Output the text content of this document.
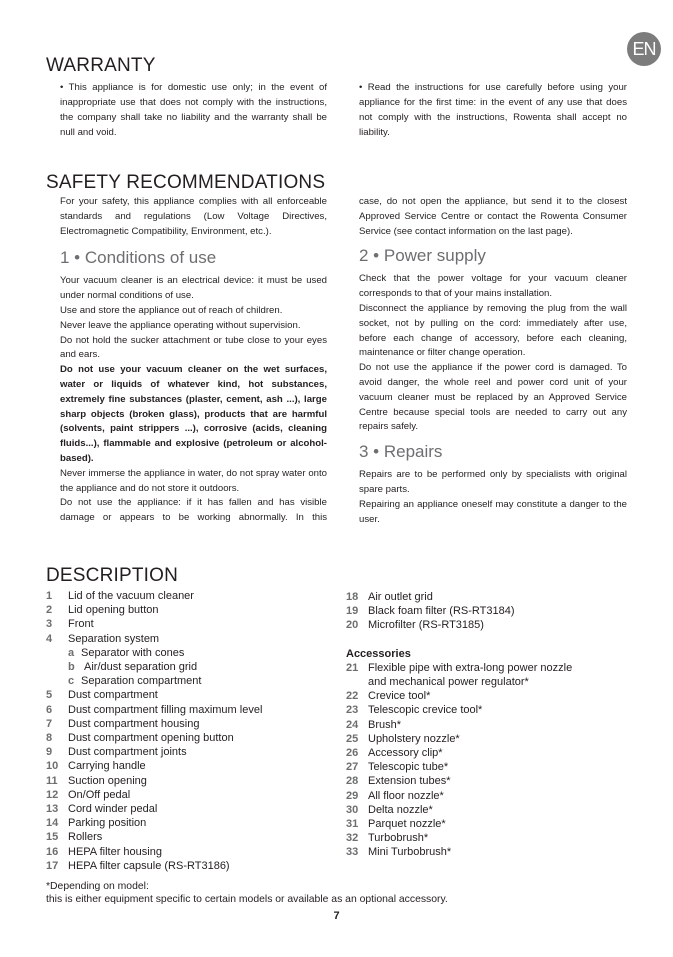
EN
WARRANTY

• This appliance is for domestic use only; in the event of inappropriate use that does not comply with the instructions, the company shall take no liability and the warranty shall be null and void.

• Read the instructions for use carefully before using your appliance for the first time: in the event of any use that does not comply with the instructions, Rowenta shall accept no liability.

SAFETY RECOMMENDATIONS

For your safety, this appliance complies with all enforceable standards and regulations (Low Voltage Directives, Electromagnetic Compatibility, Environment, etc.).

1 • Conditions of use

Your vacuum cleaner is an electrical device: it must be used under normal conditions of use.

Use and store the appliance out of reach of children.

Never leave the appliance operating without supervision.

Do not hold the sucker attachment or tube close to your eyes and ears.

Do not use your vacuum cleaner on the wet surfaces, water or liquids of whatever kind, hot substances, extremely fine substances (plaster, cement, ash ...), large sharp objects (broken glass), products that are harmful (solvents, paint strippers ...), corrosive (acids, cleaning fluids...), flammable and explosive (petroleum or alcohol-based).

Never immerse the appliance in water, do not spray water onto the appliance and do not store it outdoors.

Do not use the appliance: if it has fallen and has visible damage or appears to be working abnormally. In this

case, do not open the appliance, but send it to the closest Approved Service Centre or contact the Rowenta Consumer Service (see contact information on the last page).

2 • Power supply

Check that the power voltage for your vacuum cleaner corresponds to that of your mains installation.

Disconnect the appliance by removing the plug from the wall socket, not by pulling on the cord: immediately after use, before each change of accessory, before each cleaning, maintenance or filter change operation.

Do not use the appliance if the power cord is damaged. To avoid danger, the whole reel and power cord unit of your vacuum cleaner must be replaced by an Approved Service Centre because special tools are needed to carry out any repairs safely.

3 • Repairs

Repairs are to be performed only by specialists with original spare parts.

Repairing an appliance oneself may constitute a danger to the user.

DESCRIPTION
1	Lid of the vacuum cleaner
2	Lid opening button
3	Front
4	Separation system
a Separator with cones
b Air/dust separation grid
c Separation compartment
5	Dust compartment
6	Dust compartment filling maximum level
7	Dust compartment housing
8	Dust compartment opening button
9	Dust compartment joints
10 Carrying handle
11 Suction opening
12 On/Off pedal
13 Cord winder pedal
14 Parking position
15 Rollers
16 HEPA filter housing
17 HEPA filter capsule (RS-RT3186)
18 Air outlet grid
19 Black foam filter (RS-RT3184)
20 Microfilter (RS-RT3185)
Accessories
21 Flexible pipe with extra-long power nozzle
and mechanical power regulator*
22 Crevice tool*
23 Telescopic crevice tool*
24 Brush*
25 Upholstery nozzle*
26 Accessory clip*
27 Telescopic tube*
28 Extension tubes*
29 All floor nozzle*
30 Delta nozzle*
31 Parquet nozzle*
32 Turbobrush*
33 Mini Turbobrush*
*Depending on model:
this is either equipment specific to certain models or available as an optional accessory.
7
